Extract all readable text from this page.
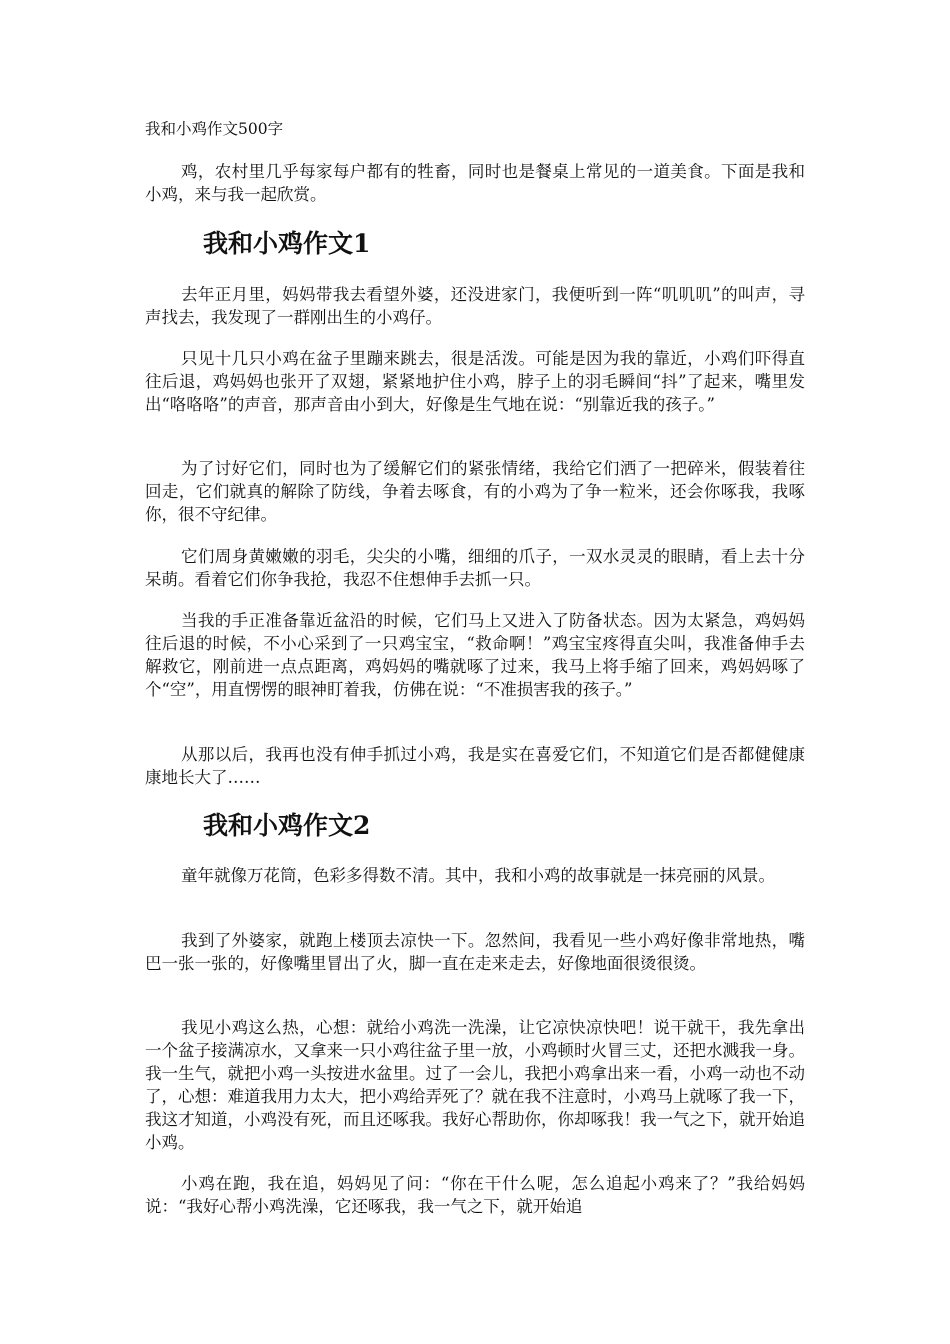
我和小鸡作文500字

鸡，农村里几乎每家每户都有的牲畜，同时也是餐桌上常见的一道美食。下面是我和小鸡，来与我一起欣赏。

我和小鸡作文1

去年正月里，妈妈带我去看望外婆，还没进家门，我便听到一阵“叽叽叽”的叫声，寻声找去，我发现了一群刚出生的小鸡仔。

只见十几只小鸡在盆子里蹦来跳去，很是活泼。可能是因为我的靠近，小鸡们吓得直往后退，鸡妈妈也张开了双翅，紧紧地护住小鸡，脖子上的羽毛瞬间“抖”了起来，嘴里发出“咯咯咯”的声音，那声音由小到大，好像是生气地在说：“别靠近我的孩子。”

为了讨好它们，同时也为了缓解它们的紧张情绪，我给它们洒了一把碎米，假装着往回走，它们就真的解除了防线，争着去啄食，有的小鸡为了争一粒米，还会你啄我，我啄你，很不守纪律。

它们周身黄嫩嫩的羽毛，尖尖的小嘴，细细的爪子，一双水灵灵的眼睛，看上去十分呆萌。看着它们你争我抢，我忍不住想伸手去抓一只。

当我的手正准备靠近盆沿的时候，它们马上又进入了防备状态。因为太紧急，鸡妈妈往后退的时候，不小心采到了一只鸡宝宝，“救命啊！”鸡宝宝疼得直尖叫，我准备伸手去解救它，刚前进一点点距离，鸡妈妈的嘴就啄了过来，我马上将手缩了回来，鸡妈妈啄了个“空”，用直愣愣的眼神盯着我，仿佛在说：“不准损害我的孩子。”

从那以后，我再也没有伸手抓过小鸡，我是实在喜爱它们，不知道它们是否都健健康康地长大了……

我和小鸡作文2

童年就像万花筒，色彩多得数不清。其中，我和小鸡的故事就是一抹亮丽的风景。

我到了外婆家，就跑上楼顶去凉快一下。忽然间，我看见一些小鸡好像非常地热，嘴巴一张一张的，好像嘴里冒出了火，脚一直在走来走去，好像地面很烫很烫。

我见小鸡这么热，心想：就给小鸡洗一洗澡，让它凉快凉快吧！说干就干，我先拿出一个盆子接满凉水，又拿来一只小鸡往盆子里一放，小鸡顿时火冒三丈，还把水溅我一身。我一生气，就把小鸡一头按进水盆里。过了一会儿，我把小鸡拿出来一看，小鸡一动也不动了，心想：难道我用力太大，把小鸡给弄死了？就在我不注意时，小鸡马上就啄了我一下，我这才知道，小鸡没有死，而且还啄我。我好心帮助你，你却啄我！我一气之下，就开始追小鸡。

小鸡在跑，我在追，妈妈见了问：“你在干什么呢，怎么追起小鸡来了？”我给妈妈说：“我好心帮小鸡洗澡，它还啄我，我一气之下，就开始追
